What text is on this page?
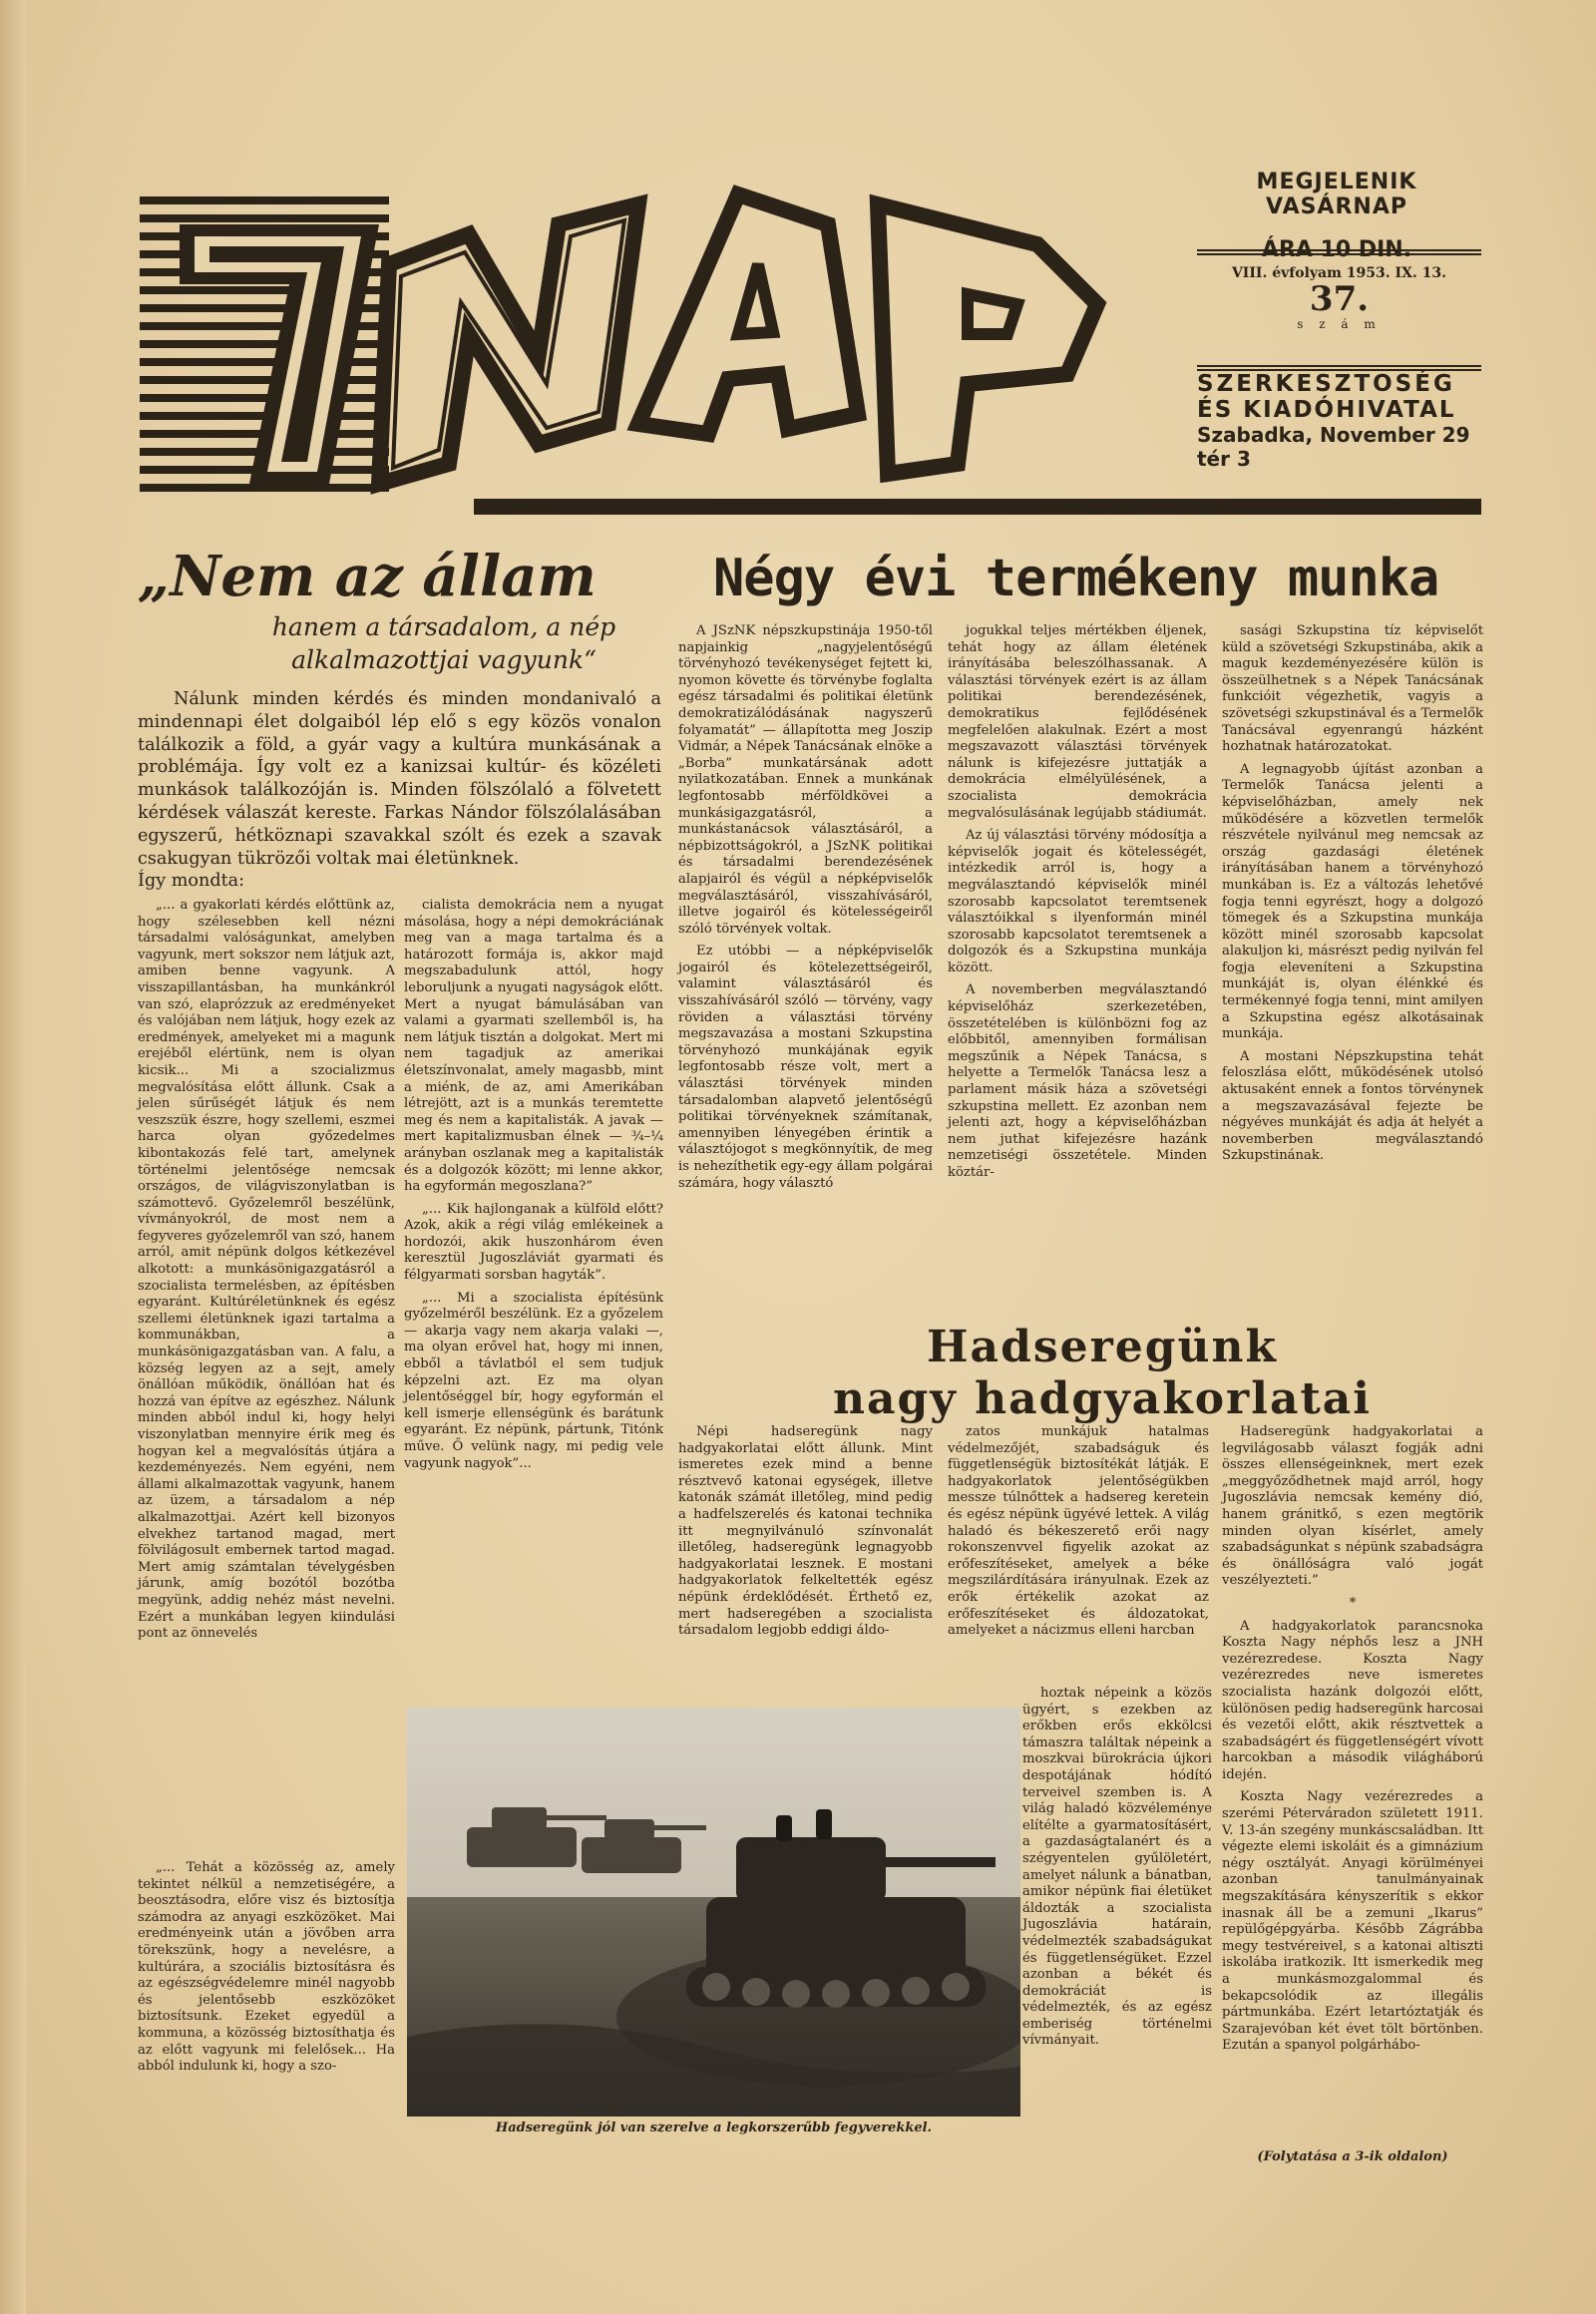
MEGJELENIK VASÁRNAP
ÁRA 10 DIN.
VIII. évfolyam 1953. IX. 13.
37.
s z á m
SZERKESZTOSÉG
ÉS KIADÓHIVATAL
Szabadka, November 29 tér 3
„Nem az állam
hanem a társadalom, a nép alkalmazottjai vagyunk“
Nálunk minden kérdés és minden mondanivaló a mindennapi élet dolgaiból lép elő s egy közös vonalon találkozik a föld, a gyár vagy a kultúra munkásának a problémája. Így volt ez a kanizsai kultúr- és közéleti munkások találkozóján is. Minden fölszólaló a fölvetett kérdések válaszát kereste. Farkas Nándor fölszólalásában egyszerű, hétköznapi szavakkal szólt és ezek a szavak csakugyan tükrözői voltak mai életünknek.
Így mondta:

„... a gyakorlati kérdés előttünk az, hogy szélesebben kell nézni társadalmi valóságunkat, amelyben vagyunk, mert sokszor nem látjuk azt, amiben benne vagyunk. A visszapillantásban, ha munkánkról van szó, elaprózzuk az eredményeket és valójában nem látjuk, hogy ezek az eredmények, amelyeket mi a magunk erejéből elértünk, nem is olyan kicsik... Mi a szocializmus megvalósítása előtt állunk. Csak a jelen sűrűségét látjuk és nem veszszük észre, hogy szellemi, eszmei harca olyan győzedelmes kibontakozás felé tart, amelynek történelmi jelentősége nemcsak országos, de világviszonylatban is számottevő. Győzelemről beszélünk, vívmányokról, de most nem a fegyveres győzelemről van szó, hanem arról, amit népünk dolgos kétkezével alkotott: a munkásönigazgatásról a szocialista termelésben, az építésben egyaránt. Kultúréletünknek és egész szellemi életünknek igazi tartalma a kommunákban, a munkásönigazgatásban van. A falu, a község legyen az a sejt, amely önállóan működik, önállóan hat és hozzá van építve az egészhez. Nálunk minden abból indul ki, hogy helyi viszonylatban mennyire érik meg és hogyan kel a megvalósítás útjára a kezdeményezés. Nem egyéni, nem állami alkalmazottak vagyunk, hanem az üzem, a társadalom a nép alkalmazottjai. Azért kell bizonyos elvekhez tartanod magad, mert fölvilágosult embernek tartod magad. Mert amig számtalan tévelygésben járunk, amíg bozótól bozótba megyünk, addig nehéz mást nevelni. Ezért a munkában legyen kiindulási pont az önnevelés

„... Tehát a közösség az, amely tekintet nélkül a nemzetiségére, a beosztásodra, előre visz és biztosítja számodra az anyagi eszközöket. Mai eredményeink után a jövőben arra törekszünk, hogy a nevelésre, a kultúrára, a szociális biztosításra és az egészségvédelemre minél nagyobb és jelentősebb eszközöket biztosítsunk. Ezeket egyedül a kommuna, a közösség biztosíthatja és az előtt vagyunk mi felelősek... Ha abból indulunk ki, hogy a szo-

cialista demokrácia nem a nyugat másolása, hogy a népi demokráciának meg van a maga tartalma és a határozott formája is, akkor majd megszabadulunk attól, hogy leboruljunk a nyugati nagyságok előtt. Mert a nyugat bámulásában van valami a gyarmati szellemből is, ha nem látjuk tisztán a dolgokat. Mert mi nem tagadjuk az amerikai életszínvonalat, amely magasbb, mint a miénk, de az, ami Amerikában létrejött, azt is a munkás teremtette meg és nem a kapitalisták. A javak — mert kapitalizmusban élnek — ¾–¼ arányban oszlanak meg a kapitalisták és a dolgozók között; mi lenne akkor, ha egyformán megoszlana?”

„... Kik hajlonganak a külföld előtt? Azok, akik a régi világ emlékeinek a hordozói, akik huszonhárom éven keresztül Jugoszláviát gyarmati és félgyarmati sorsban hagyták”.

„... Mi a szocialista építésünk győzelméről beszélünk. Ez a győzelem — akarja vagy nem akarja valaki —, ma olyan erővel hat, hogy mi innen, ebből a távlatból el sem tudjuk képzelni azt. Ez ma olyan jelentőséggel bír, hogy egyformán el kell ismerje ellenségünk és barátunk egyaránt. Ez népünk, pártunk, Titónk műve. Ő velünk nagy, mi pedig vele vagyunk nagyok”...

Négy évi termékeny munka

A JSzNK népszkupstinája 1950-től napjainkig „nagyjelentőségű törvényhozó tevékenységet fejtett ki, nyomon követte és törvénybe foglalta egész társadalmi és politikai életünk demokratizálódásának nagyszerű folyamatát” — állapította meg Joszip Vidmár, a Népek Tanácsának elnöke a „Borba” munkatársának adott nyilatkozatában. Ennek a munkának legfontosabb mérföldkövei a munkásigazgatásról, a munkástanácsok választásáról, a népbizottságokról, a JSzNK politikai és társadalmi berendezésének alapjairól és végül a népképviselők megválasztásáról, visszahívásáról, illetve jogairól és kötelességeiről szóló törvények voltak.

Ez utóbbi — a népképviselők jogairól és kötelezettségeiről, valamint választásáról és visszahívásáról szóló — törvény, vagy röviden a választási törvény megszavazása a mostani Szkupstina törvényhozó munkájának egyik legfontosabb része volt, mert a választási törvények minden társadalomban alapvető jelentőségű politikai törvényeknek számítanak, amennyiben lényegében érintik a választójogot s megkönnyítik, de meg is nehezíthetik egy-egy állam polgárai számára, hogy választó

jogukkal teljes mértékben éljenek, tehát hogy az állam életének irányításába beleszólhassanak. A választási törvények ezért is az állam politikai berendezésének, demokratikus fejlődésének megfelelően alakulnak. Ezért a most megszavazott választási törvények nálunk is kifejezésre juttatják a demokrácia elmélyülésének, a szocialista demokrácia megvalósulásának legújabb stádiumát.

Az új választási törvény módosítja a képviselők jogait és kötelességét, intézkedik arról is, hogy a megválasztandó képviselők minél szorosabb kapcsolatot teremtsenek választóikkal s ilyenformán minél szorosabb kapcsolatot teremtsenek a dolgozók és a Szkupstina munkája között.

A novemberben megválasztandó képviselőház szerkezetében, összetételében is különbözni fog az előbbitől, amennyiben formálisan megszűnik a Népek Tanácsa, s helyette a Termelők Tanácsa lesz a parlament másik háza a szövetségi szkupstina mellett. Ez azonban nem jelenti azt, hogy a képviselőházban nem juthat kifejezésre hazánk nemzetiségi összetétele. Minden köztár-

sasági Szkupstina tíz képviselőt küld a szövetségi Szkupstinába, akik a maguk kezdeményezésére külön is összeülhetnek s a Népek Tanácsának funkcióit végezhetik, vagyis a szövetségi szkupstinával és a Termelők Tanácsával egyenrangú házként hozhatnak határozatokat.

A legnagyobb újítást azonban a Termelők Tanácsa jelenti a képviselőházban, amely nek működésére a közvetlen termelők részvétele nyilvánul meg nemcsak az ország gazdasági életének irányításában hanem a törvényhozó munkában is. Ez a változás lehetővé fogja tenni egyrészt, hogy a dolgozó tömegek és a Szkupstina munkája között minél szorosabb kapcsolat alakuljon ki, másrészt pedig nyilván fel fogja eleveníteni a Szkupstina munkáját is, olyan élénkké és termékennyé fogja tenni, mint amilyen a Szkupstina egész alkotásainak munkája.

A mostani Népszkupstina tehát feloszlása előtt, működésének utolsó aktusaként ennek a fontos törvénynek a megszavazásával fejezte be négyéves munkáját és adja át helyét a novemberben megválasztandó Szkupstinának.

Hadseregünk
nagy hadgyakorlatai

Népi hadseregünk nagy hadgyakorlatai előtt állunk. Mint ismeretes ezek mind a benne résztvevő katonai egységek, illetve katonák számát illetőleg, mind pedig a hadfelszerelés és katonai technika itt megnyilvánuló színvonalát illetőleg, hadseregünk legnagyobb hadgyakorlatai lesznek. E mostani hadgyakorlatok felkeltették egész népünk érdeklődését. Érthető ez, mert hadseregében a szocialista társadalom legjobb eddigi áldo-

zatos munkájuk hatalmas védelmezőjét, szabadságuk és függetlenségük biztosítékát látják. E hadgyakorlatok jelentőségükben messze túlnőttek a hadsereg keretein és egész népünk ügyévé lettek. A világ haladó és békeszerető erői nagy rokonszenvvel figyelik azokat az erőfeszítéseket, amelyek a béke megszilárdítására irányulnak. Ezek az erők értékelik azokat az erőfeszítéseket és áldozatokat, amelyeket a nácizmus elleni harcban

hoztak népeink a közös ügyért, s ezekben az erőkben erős ekkölcsi támaszra találtak népeink a moszkvai bürokrácia újkori despotájának hódító terveivel szemben is. A világ haladó közvéleménye elítélte a gyarmatosításért, a gazdaságtalanért és a szégyentelen gyűlöletért, amelyet nálunk a bánatban, amikor népünk fiai életüket áldozták a szocialista Jugoszlávia határain, védelmezték szabadságukat és függetlenségüket. Ezzel azonban a békét és demokráciát is védelmezték, és az egész emberiség történelmi vívmányait.

Hadseregünk hadgyakorlatai a legvilágosabb választ fogják adni összes ellenségeinknek, mert ezek „meggyőződhetnek majd arról, hogy Jugoszlávia nemcsak kemény dió, hanem gránitkő, s ezen megtörik minden olyan kísérlet, amely szabadságunkat s népünk szabadságra és önállóságra való jogát veszélyezteti.”

*

A hadgyakorlatok parancsnoka Koszta Nagy néphős lesz a JNH vezérezredese. Koszta Nagy vezérezredes neve ismeretes szocialista hazánk dolgozói előtt, különösen pedig hadseregünk harcosai és vezetői előtt, akik résztvettek a szabadságért és függetlenségért vívott harcokban a második világháború idején.

Koszta Nagy vezérezredes a szerémi Pétervárad​on született 1911. V. 13-án szegény munkáscsaládban. Itt végezte elemi iskoláit és a gimnázium négy osztályát. Anyagi körülményei azonban tanulmányainak megszakítására kényszerítik s ekkor inasnak áll be a zemuni „Ikarus” repülőgépgyárba. Később Zágrábba megy testvéreivel, s a katonai altiszti iskolába iratkozik. Itt ismerkedik meg a munkásmozgalommal és bekapcsolódik az illegális pártmunkába. Ezért letartóztatják és Szarajevóban két évet tölt börtönben. Ezután a spanyol polgárhábo-

(Folytatása a 3-ik oldalon)
Hadseregünk jól van szerelve a legkorszerűbb fegyverekkel.
